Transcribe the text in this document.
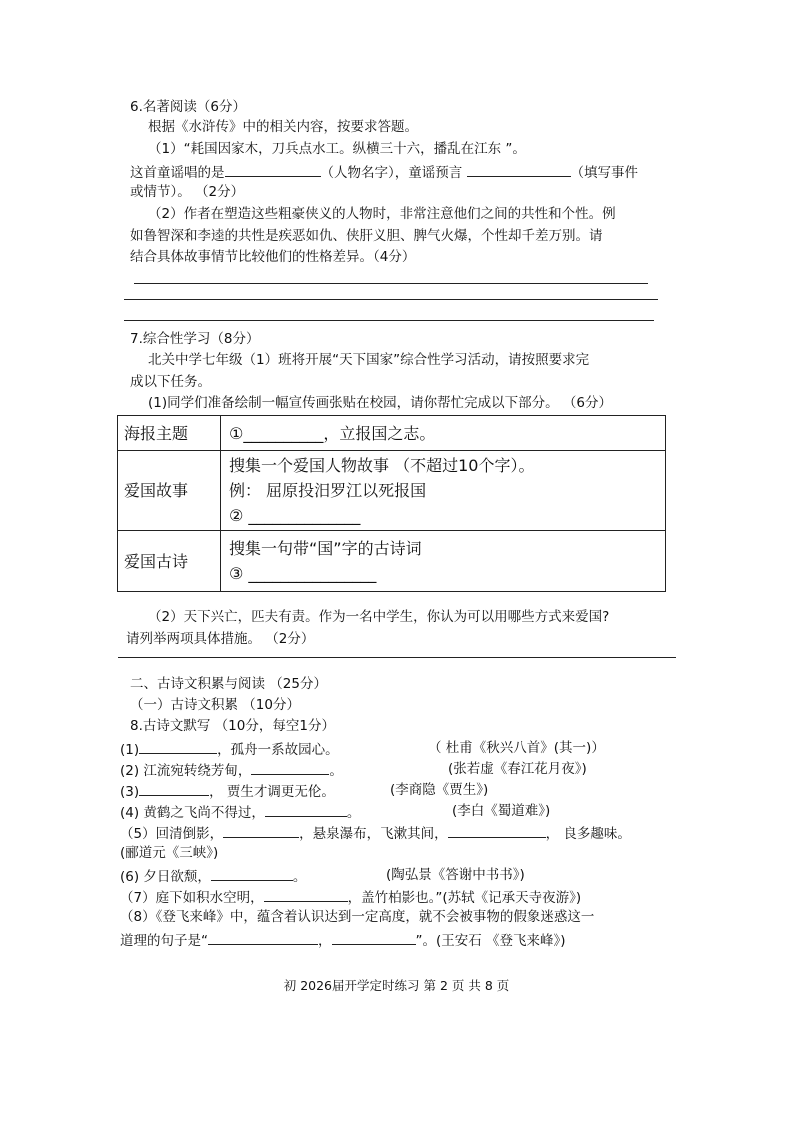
6.名著阅读（6分）
根据《水浒传》中的相关内容，按要求答题。
（1）“耗国因家木，刀兵点水工。纵横三十六，播乱在江东 ”。
这首童谣唱的是	（人物名字），童谣预言	（填写事件
或情节）。 （2分）
（2）作者在塑造这些粗豪侠义的人物时，非常注意他们之间的共性和个性。例
如鲁智深和李逵的共性是疾恶如仇、侠肝义胆、脾气火爆，个性却千差万别。请
结合具体故事情节比较他们的性格差异。（4分）
7.综合性学习（8分）
北关中学七年级（1）班将开展“天下国家”综合性学习活动，请按照要求完
成以下任务。
(1)同学们准备绘制一幅宣传画张贴在校园，请你帮忙完成以下部分。 （6分）
海报主题	①__________，立报国之志。

爱国故事	搜集一个爱国人物故事 （不超过10个字）。
例： 屈原投汨罗江以死报国
② ______________

爱国古诗	搜集一句带“国”字的古诗词
③ ________________
（2）天下兴亡，匹夫有责。作为一名中学生，你认为可以用哪些方式来爱国?
请列举两项具体措施。 （2分）
二、古诗文积累与阅读 （25分）
（一）古诗文积累 （10分）
8.古诗文默写 （10分，每空1分）
(1)	，孤舟一系故园心。	（ 杜甫《秋兴八首》(其一)）
(2) 江流宛转绕芳甸，	。	(张若虚《春江花月夜》)
(3)	， 贾生才调更无伦。	(李商隐《贾生》)
(4) 黄鹤之飞尚不得过，	。	(李白《蜀道难》)
（5）回清倒影，	，悬泉瀑布，飞漱其间，	， 良多趣味。
(郦道元《三峡》)
(6) 夕日欲颓，	。	(陶弘景《答谢中书书》)
（7）庭下如积水空明，	，盖竹柏影也。”(苏轼《记承天寺夜游》)
（8）《登飞来峰》中，蕴含着认识达到一定高度，就不会被事物的假象迷惑这一
道理的句子是“	，	”。(王安石 《登飞来峰》)
初 2026届开学定时练习 第 2 页 共 8 页
